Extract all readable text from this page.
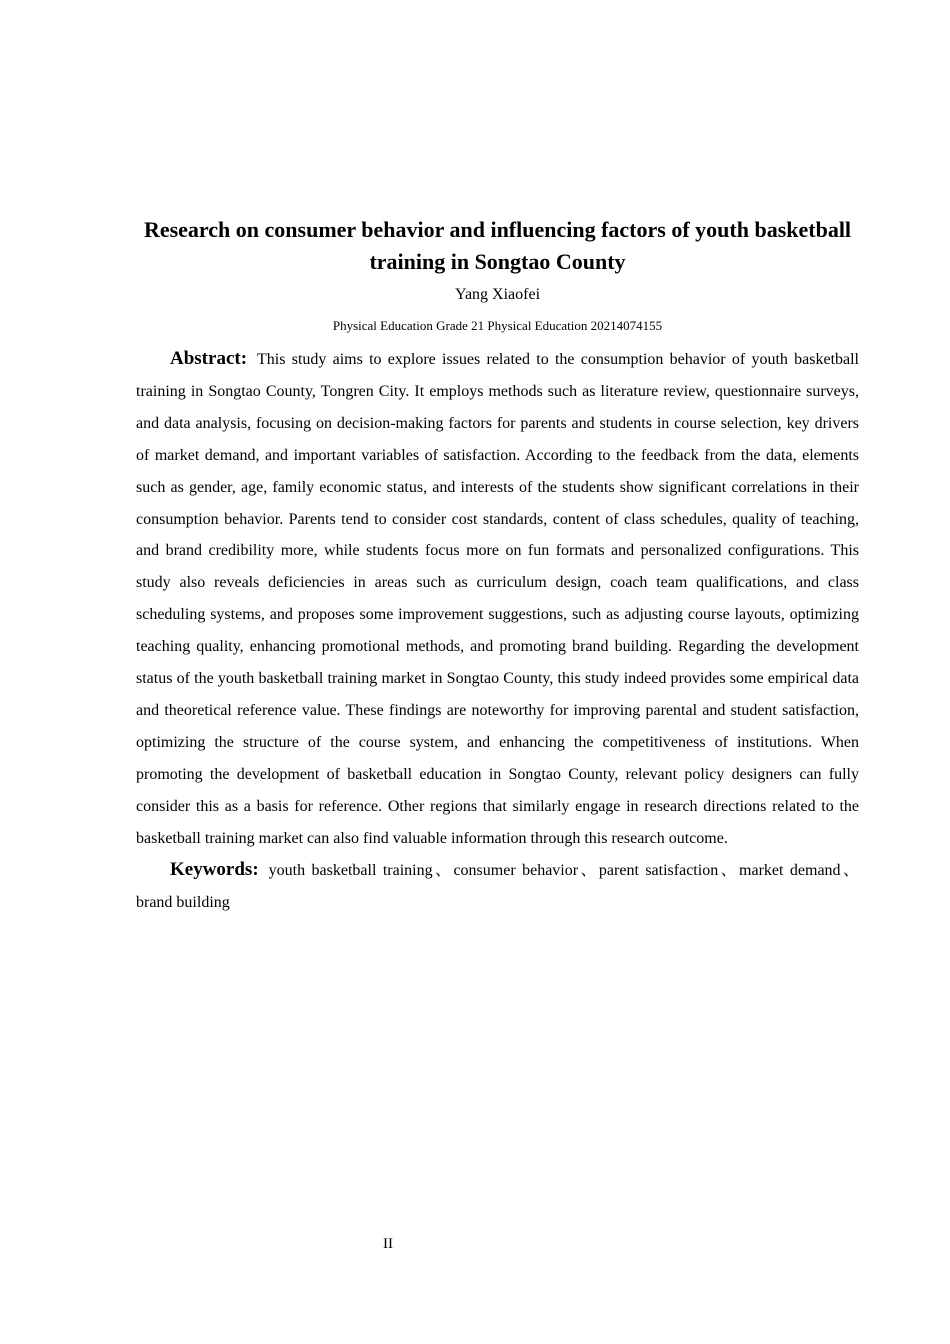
Research on consumer behavior and influencing factors of youth basketball training in Songtao County
Yang Xiaofei
Physical Education Grade 21 Physical Education 20214074155

Abstract: This study aims to explore issues related to the consumption behavior of youth basketball training in Songtao County, Tongren City. It employs methods such as literature review, questionnaire surveys, and data analysis, focusing on decision-making factors for parents and students in course selection, key drivers of market demand, and important variables of satisfaction. According to the feedback from the data, elements such as gender, age, family economic status, and interests of the students show significant correlations in their consumption behavior. Parents tend to consider cost standards, content of class schedules, quality of teaching, and brand credibility more, while students focus more on fun formats and personalized configurations. This study also reveals deficiencies in areas such as curriculum design, coach team qualifications, and class scheduling systems, and proposes some improvement suggestions, such as adjusting course layouts, optimizing teaching quality, enhancing promotional methods, and promoting brand building. Regarding the development status of the youth basketball training market in Songtao County, this study indeed provides some empirical data and theoretical reference value. These findings are noteworthy for improving parental and student satisfaction, optimizing the structure of the course system, and enhancing the competitiveness of institutions. When promoting the development of basketball education in Songtao County, relevant policy designers can fully consider this as a basis for reference. Other regions that similarly engage in research directions related to the basketball training market can also find valuable information through this research outcome.

Keywords: youth basketball training、consumer behavior、parent satisfaction、market demand、brand building

II
